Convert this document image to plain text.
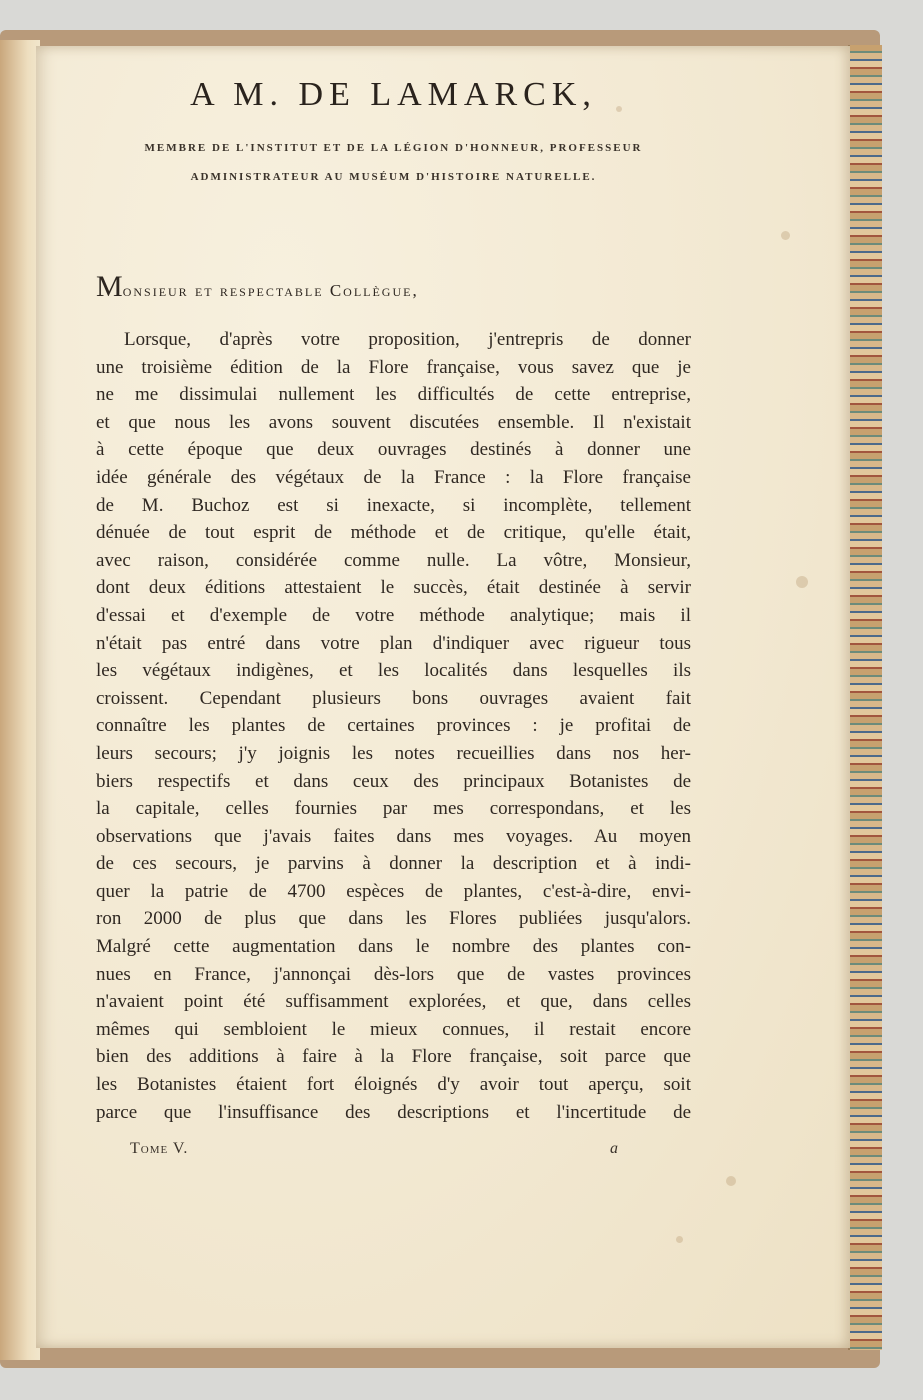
A M. DE LAMARCK,
MEMBRE DE L'INSTITUT ET DE LA LÉGION D'HONNEUR, PROFESSEUR
ADMINISTRATEUR AU MUSÉUM D'HISTOIRE NATURELLE.
Monsieur et respectable Collègue,
Lorsque, d'après votre proposition, j'entrepris de donner
une troisième édition de la Flore française, vous savez que je
ne me dissimulai nullement les difficultés de cette entreprise,
et que nous les avons souvent discutées ensemble. Il n'existait
à cette époque que deux ouvrages destinés à donner une
idée générale des végétaux de la France : la Flore française
de M. Buchoz est si inexacte, si incomplète, tellement
dénuée de tout esprit de méthode et de critique, qu'elle était,
avec raison, considérée comme nulle. La vôtre, Monsieur,
dont deux éditions attestaient le succès, était destinée à servir
d'essai et d'exemple de votre méthode analytique; mais il
n'était pas entré dans votre plan d'indiquer avec rigueur tous
les végétaux indigènes, et les localités dans lesquelles ils
croissent. Cependant plusieurs bons ouvrages avaient fait
connaître les plantes de certaines provinces : je profitai de
leurs secours; j'y joignis les notes recueillies dans nos her-
biers respectifs et dans ceux des principaux Botanistes de
la capitale, celles fournies par mes correspondans, et les
observations que j'avais faites dans mes voyages. Au moyen
de ces secours, je parvins à donner la description et à indi-
quer la patrie de 4700 espèces de plantes, c'est-à-dire, envi-
ron 2000 de plus que dans les Flores publiées jusqu'alors.
Malgré cette augmentation dans le nombre des plantes con-
nues en France, j'annonçai dès-lors que de vastes provinces
n'avaient point été suffisamment explorées, et que, dans celles
mêmes qui sembloient le mieux connues, il restait encore
bien des additions à faire à la Flore française, soit parce que
les Botanistes étaient fort éloignés d'y avoir tout aperçu, soit
parce que l'insuffisance des descriptions et l'incertitude de
Tome V.	a
